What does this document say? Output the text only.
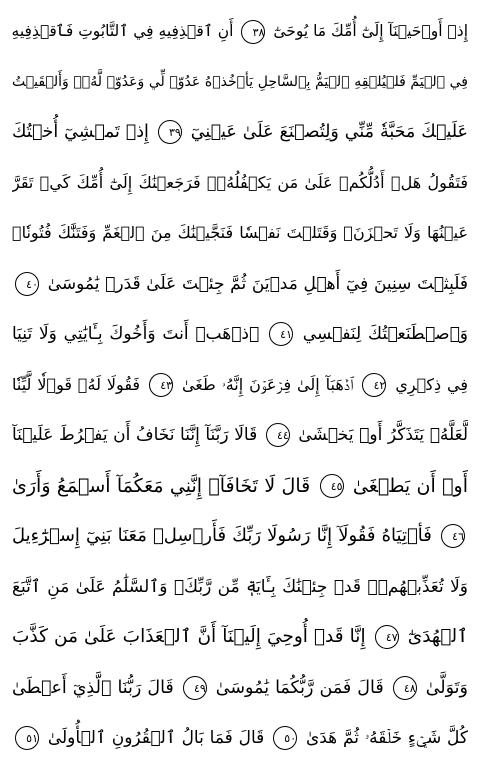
إِذۡ أَوۡحَيۡنَآ إِلَىٰٓ أُمِّكَ مَا يُوحَىٰٓ ٣٨ أَنِ ٱقۡذِفِيهِ فِي ٱلتَّابُوتِ فَٱقۡذِفِيهِ
فِي ٱلۡيَمِّ فَلۡيُلۡقِهِ ٱلۡيَمُّ بِٱلسَّاحِلِ يَأۡخُذۡهُ عَدُوّٞ لِّي وَعَدُوّٞ لَّهُۥۚ وَأَلۡقَيۡتُ
عَلَيۡكَ مَحَبَّةٗ مِّنِّي وَلِتُصۡنَعَ عَلَىٰ عَيۡنِيٓ ٣٩ إِذۡ تَمۡشِيٓ أُخۡتُكَ
فَتَقُولُ هَلۡ أَدُلُّكُمۡ عَلَىٰ مَن يَكۡفُلُهُۥۖ فَرَجَعۡنَٰكَ إِلَىٰٓ أُمِّكَ كَيۡ تَقَرَّ
عَيۡنُهَا وَلَا تَحۡزَنَۚ وَقَتَلۡتَ نَفۡسٗا فَنَجَّيۡنَٰكَ مِنَ ٱلۡغَمِّ وَفَتَنَّٰكَ فُتُونٗاۚ
فَلَبِثۡتَ سِنِينَ فِيٓ أَهۡلِ مَدۡيَنَ ثُمَّ جِئۡتَ عَلَىٰ قَدَرٖ يَٰمُوسَىٰ ٤٠
وَٱصۡطَنَعۡتُكَ لِنَفۡسِي ٤١ ٱذۡهَبۡ أَنتَ وَأَخُوكَ بِـَٔايَٰتِي وَلَا تَنِيَا
فِي ذِكۡرِي ٤٢ ٱذۡهَبَآ إِلَىٰ فِرۡعَوۡنَ إِنَّهُۥ طَغَىٰ ٤٣ فَقُولَا لَهُۥ قَوۡلٗا لَّيِّنٗا
لَّعَلَّهُۥ يَتَذَكَّرُ أَوۡ يَخۡشَىٰ ٤٤ قَالَا رَبَّنَآ إِنَّنَا نَخَافُ أَن يَفۡرُطَ عَلَيۡنَآ
أَوۡ أَن يَطۡغَىٰ ٤٥ قَالَ لَا تَخَافَآۖ إِنَّنِي مَعَكُمَآ أَسۡمَعُ وَأَرَىٰ
٤٦ فَأۡتِيَاهُ فَقُولَآ إِنَّا رَسُولَا رَبِّكَ فَأَرۡسِلۡ مَعَنَا بَنِيٓ إِسۡرَٰٓءِيلَ
وَلَا تُعَذِّبۡهُمۡۖ قَدۡ جِئۡنَٰكَ بِـَٔايَةٖ مِّن رَّبِّكَۖ وَٱلسَّلَٰمُ عَلَىٰ مَنِ ٱتَّبَعَ
ٱلۡهُدَىٰٓ ٤٧ إِنَّا قَدۡ أُوحِيَ إِلَيۡنَآ أَنَّ ٱلۡعَذَابَ عَلَىٰ مَن كَذَّبَ
وَتَوَلَّىٰ ٤٨ قَالَ فَمَن رَّبُّكُمَا يَٰمُوسَىٰ ٤٩ قَالَ رَبُّنَا ٱلَّذِيٓ أَعۡطَىٰ
كُلَّ شَيۡءٍ خَلۡقَهُۥ ثُمَّ هَدَىٰ ٥٠ قَالَ فَمَا بَالُ ٱلۡقُرُونِ ٱلۡأُولَىٰ ٥١
